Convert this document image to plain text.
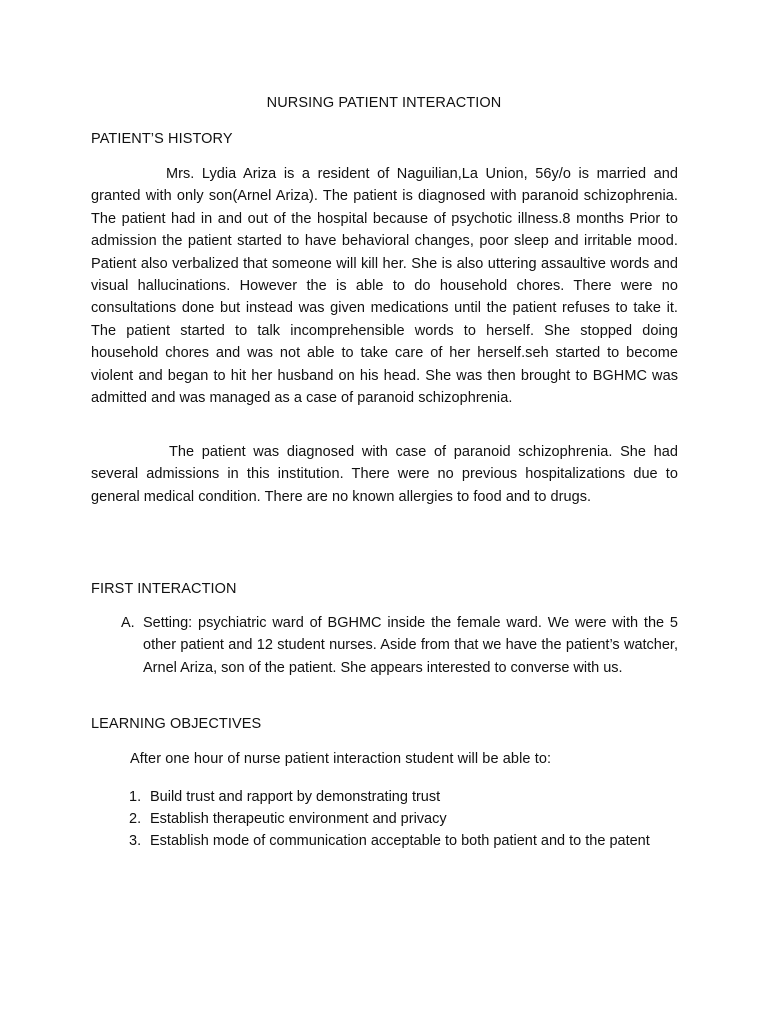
NURSING PATIENT INTERACTION
PATIENT’S HISTORY

Mrs. Lydia Ariza is a resident of Naguilian,La Union, 56y/o is married and granted with only son(Arnel Ariza). The patient is diagnosed with paranoid schizophrenia. The patient had in and out of the hospital because of psychotic illness.8 months Prior to admission the patient started to have behavioral changes, poor sleep and irritable mood. Patient also verbalized that someone will kill her. She is also uttering assaultive words and visual hallucinations. However the is able to do household chores. There were no consultations done but instead was given medications until the patient refuses to take it. The patient started to talk incomprehensible words to herself. She stopped doing household chores and was not able to take care of her herself.seh started to become violent and began to hit her husband on his head. She was then brought to BGHMC was admitted and was managed as a case of paranoid schizophrenia.

The patient was diagnosed with case of paranoid schizophrenia. She had several admissions in this institution. There were no previous hospitalizations due to general medical condition. There are no known allergies to food and to drugs.

FIRST INTERACTION
A. Setting: psychiatric ward of BGHMC inside the female ward. We were with the 5 other patient and 12 student nurses. Aside from that we have the patient’s watcher, Arnel Ariza, son of the patient. She appears interested to converse with us.
LEARNING OBJECTIVES
After one hour of nurse patient interaction student will be able to:
1. Build trust and rapport by demonstrating trust
2. Establish therapeutic environment and privacy
3. Establish mode of communication acceptable to both patient and to the patent
